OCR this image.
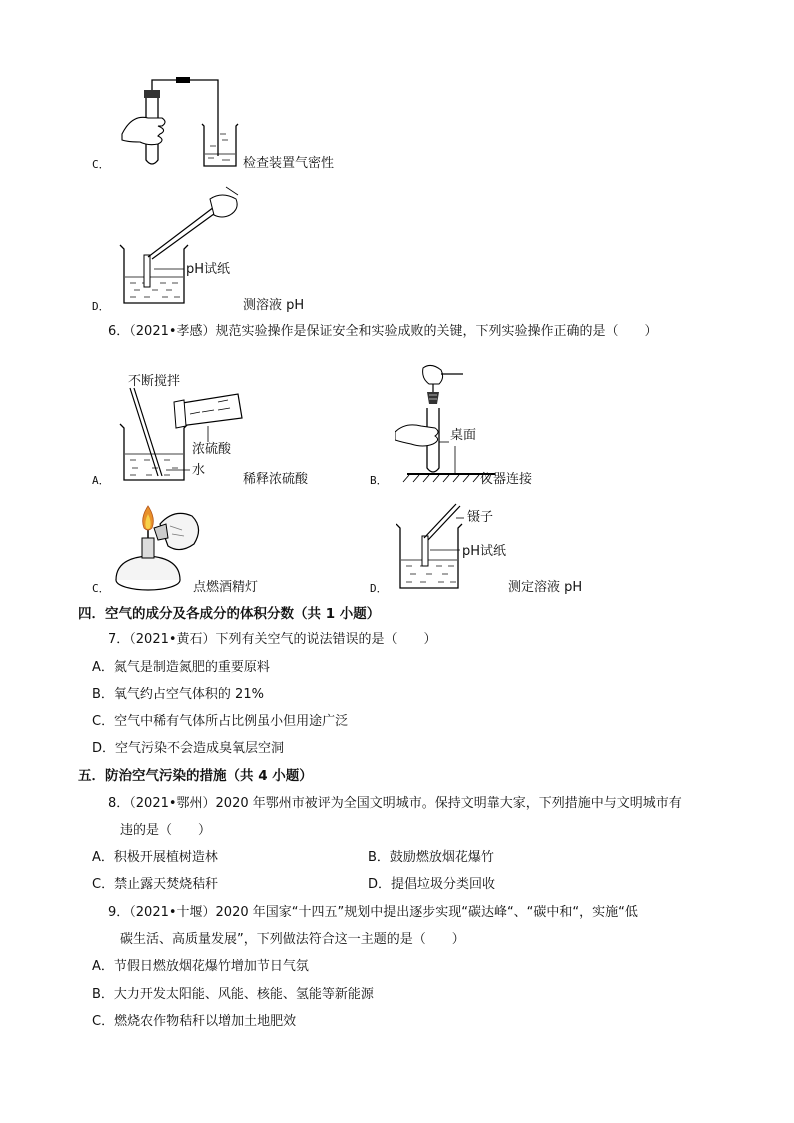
C．	检查装置气密性
D．
pH试纸
测溶液 pH
6．（2021•孝感）规范实验操作是保证安全和实验成败的关键，下列实验操作正确的是（　　）
A．
不断搅拌
浓硫酸
水
稀释浓硫酸	B．
桌面
仪器连接
C．	点燃酒精灯	D．
镊子
pH试纸
测定溶液 pH
四．空气的成分及各成分的体积分数（共 1 小题）
7．（2021•黄石）下列有关空气的说法错误的是（　　）
A．氮气是制造氮肥的重要原料
B．氧气约占空气体积的 21%
C．空气中稀有气体所占比例虽小但用途广泛
D．空气污染不会造成臭氧层空洞
五．防治空气污染的措施（共 4 小题）
8．（2021•鄂州）2020 年鄂州市被评为全国文明城市。保持文明靠大家，下列措施中与文明城市有
违的是（　　）
A．积极开展植树造林	B．鼓励燃放烟花爆竹
C．禁止露天焚烧秸秆	D．提倡垃圾分类回收
9．（2021•十堰）2020 年国家“十四五”规划中提出逐步实现“碳达峰“、“碳中和“，实施“低
碳生活、高质量发展”，下列做法符合这一主题的是（　　）
A．节假日燃放烟花爆竹增加节日气氛
B．大力开发太阳能、风能、核能、氢能等新能源
C．燃烧农作物秸秆以增加土地肥效
